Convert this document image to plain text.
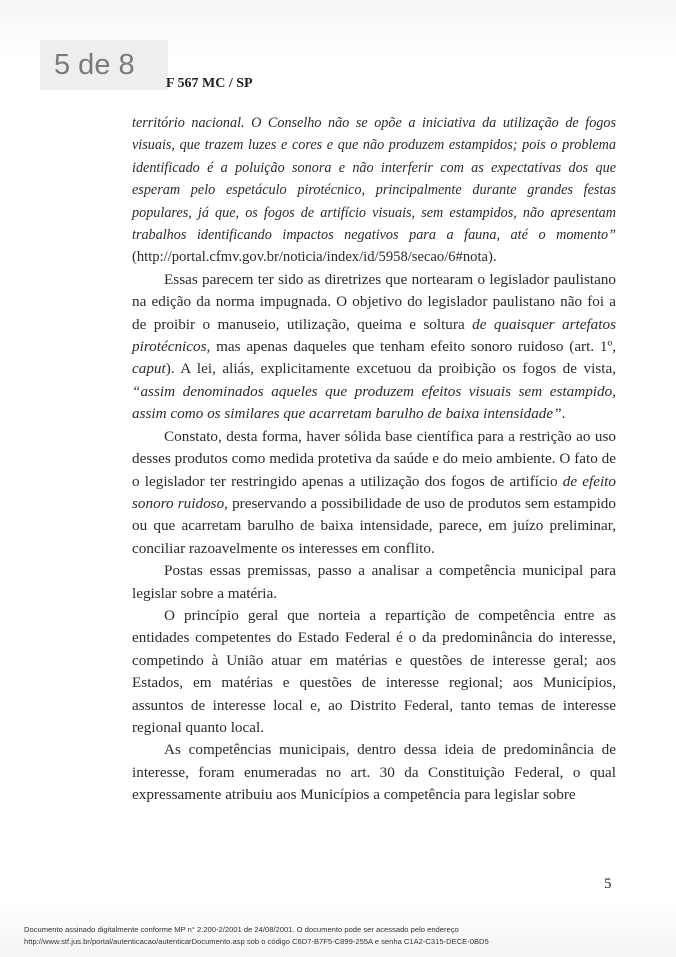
5 de 8
F 567 MC / SP

território nacional. O Conselho não se opõe a iniciativa da utilização de fogos visuais, que trazem luzes e cores e que não produzem estampidos; pois o problema identificado é a poluição sonora e não interferir com as expectativas dos que esperam pelo espetáculo pirotécnico, principalmente durante grandes festas populares, já que, os fogos de artifício visuais, sem estampidos, não apresentam trabalhos identificando impactos negativos para a fauna, até o momento” (http://portal.cfmv.gov.br/noticia/index/id/5958/secao/6#nota).

Essas parecem ter sido as diretrizes que nortearam o legislador paulistano na edição da norma impugnada. O objetivo do legislador paulistano não foi a de proibir o manuseio, utilização, queima e soltura de quaisquer artefatos pirotécnicos, mas apenas daqueles que tenham efeito sonoro ruidoso (art. 1º, caput). A lei, aliás, explicitamente excetuou da proibição os fogos de vista, “assim denominados aqueles que produzem efeitos visuais sem estampido, assim como os similares que acarretam barulho de baixa intensidade”.

Constato, desta forma, haver sólida base científica para a restrição ao uso desses produtos como medida protetiva da saúde e do meio ambiente. O fato de o legislador ter restringido apenas a utilização dos fogos de artifício de efeito sonoro ruidoso, preservando a possibilidade de uso de produtos sem estampido ou que acarretam barulho de baixa intensidade, parece, em juízo preliminar, conciliar razoavelmente os interesses em conflito.

Postas essas premissas, passo a analisar a competência municipal para legislar sobre a matéria.

O princípio geral que norteia a repartição de competência entre as entidades competentes do Estado Federal é o da predominância do interesse, competindo à União atuar em matérias e questões de interesse geral; aos Estados, em matérias e questões de interesse regional; aos Municípios, assuntos de interesse local e, ao Distrito Federal, tanto temas de interesse regional quanto local.

As competências municipais, dentro dessa ideia de predominância de interesse, foram enumeradas no art. 30 da Constituição Federal, o qual expressamente atribuiu aos Municípios a competência para legislar sobre

5
Documento assinado digitalmente conforme MP n° 2.200-2/2001 de 24/08/2001. O documento pode ser acessado pelo endereço
http://www.stf.jus.br/portal/autenticacao/autenticarDocumento.asp sob o código C6D7-B7F5-C899-255A e senha C1A2-C315-DECE-0BD5
